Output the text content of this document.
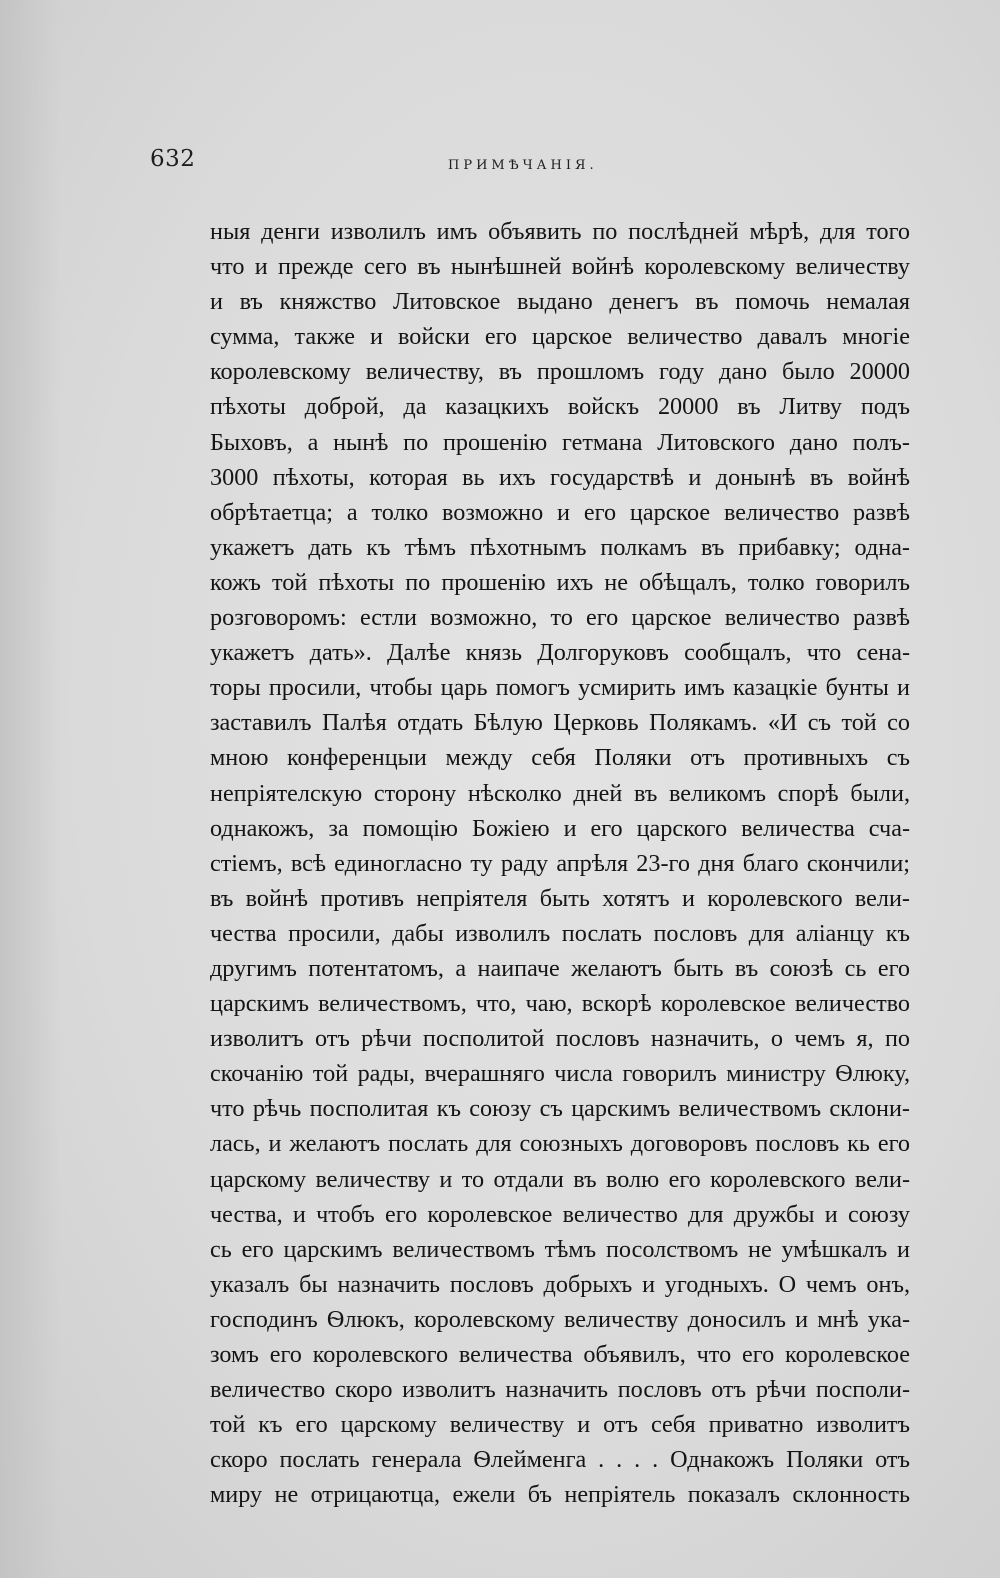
632	ПРИМѢЧАНІЯ.
ныя денги изволилъ имъ объявить по послѣдней мѣрѣ, для того
что и прежде сего въ нынѣшней войнѣ королевскому величеству
и въ княжство Литовское выдано денегъ въ помочь немалая
сумма, также и войски его царское величество давалъ многіе
королевскому величеству, въ прошломъ году дано было 20000
пѣхоты доброй, да казацкихъ войскъ 20000 въ Литву подъ
Быховъ, а нынѣ по прошенію гетмана Литовского дано полъ-
3000 пѣхоты, которая вь ихъ государствѣ и донынѣ въ войнѣ
обрѣтаетца; а толко возможно и его царское величество развѣ
укажетъ дать къ тѣмъ пѣхотнымъ полкамъ въ прибавку; одна-
кожъ той пѣхоты по прошенію ихъ не обѣщалъ, толко говорилъ
розговоромъ: естли возможно, то его царское величество развѣ
укажетъ дать». Далѣе князь Долгоруковъ сообщалъ, что сена-
торы просили, чтобы царь помогъ усмирить имъ казацкіе бунты и
заставилъ Палѣя отдать Бѣлую Церковь Полякамъ. «И съ той со
мною конференцыи между себя Поляки отъ противныхъ съ
непріятелскую сторону нѣсколко дней въ великомъ спорѣ были,
однакожъ, за помощію Божіею и его царского величества сча-
стіемъ, всѣ единогласно ту раду апрѣля 23-го дня благо скончили;
въ войнѣ противъ непріятеля быть хотятъ и королевского вели-
чества просили, дабы изволилъ послать пословъ для аліанцу къ
другимъ потентатомъ, а наипаче желаютъ быть въ союзѣ сь его
царскимъ величествомъ, что, чаю, вскорѣ королевское величество
изволитъ отъ рѣчи посполитой пословъ назначить, о чемъ я, по
скочанію той рады, вчерашняго числа говорилъ министру Ѳлюку,
что рѣчь посполитая къ союзу съ царскимъ величествомъ склони-
лась, и желаютъ послать для союзныхъ договоровъ пословъ кь его
царскому величеству и то отдали въ волю его королевского вели-
чества, и чтобъ его королевское величество для дружбы и союзу
сь его царскимъ величествомъ тѣмъ посолствомъ не умѣшкалъ и
указалъ бы назначить пословъ добрыхъ и угодныхъ. О чемъ онъ,
господинъ Ѳлюкъ, королевскому величеству доносилъ и мнѣ ука-
зомъ его королевского величества объявилъ, что его королевское
величество скоро изволитъ назначить пословъ отъ рѣчи посполи-
той къ его царскому величеству и отъ себя приватно изволитъ
скоро послать генерала Ѳлейменга . . . . Однакожъ Поляки отъ
миру не отрицаютца, ежели бъ непріятель показалъ склонность
